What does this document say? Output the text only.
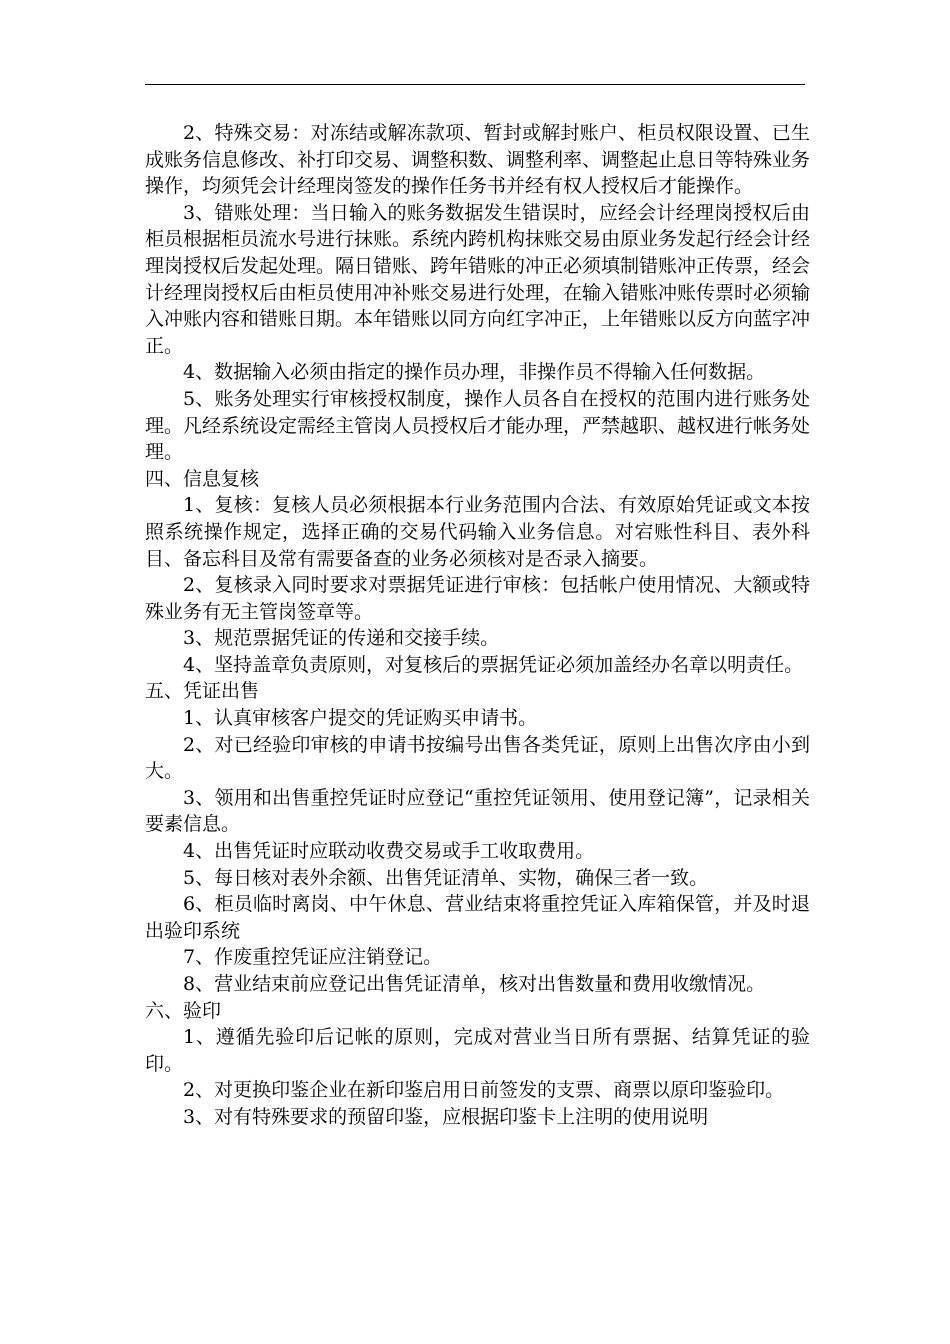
2、特殊交易：对冻结或解冻款项、暂封或解封账户、柜员权限设置、已生成账务信息修改、补打印交易、调整积数、调整利率、调整起止息日等特殊业务操作，均须凭会计经理岗签发的操作任务书并经有权人授权后才能操作。

3、错账处理：当日输入的账务数据发生错误时，应经会计经理岗授权后由柜员根据柜员流水号进行抹账。系统内跨机构抹账交易由原业务发起行经会计经理岗授权后发起处理。隔日错账、跨年错账的冲正必须填制错账冲正传票，经会计经理岗授权后由柜员使用冲补账交易进行处理，在输入错账冲账传票时必须输入冲账内容和错账日期。本年错账以同方向红字冲正，上年错账以反方向蓝字冲正。

4、数据输入必须由指定的操作员办理，非操作员不得输入任何数据。

5、账务处理实行审核授权制度，操作人员各自在授权的范围内进行账务处理。凡经系统设定需经主管岗人员授权后才能办理，严禁越职、越权进行帐务处理。

四、信息复核

1、复核：复核人员必须根据本行业务范围内合法、有效原始凭证或文本按照系统操作规定，选择正确的交易代码输入业务信息。对宕账性科目、表外科目、备忘科目及常有需要备查的业务必须核对是否录入摘要。

2、复核录入同时要求对票据凭证进行审核：包括帐户使用情况、大额或特殊业务有无主管岗签章等。

3、规范票据凭证的传递和交接手续。

4、坚持盖章负责原则，对复核后的票据凭证必须加盖经办名章以明责任。

五、凭证出售

1、认真审核客户提交的凭证购买申请书。

2、对已经验印审核的申请书按编号出售各类凭证，原则上出售次序由小到大。

3、领用和出售重控凭证时应登记“重控凭证领用、使用登记簿”，记录相关要素信息。

4、出售凭证时应联动收费交易或手工收取费用。

5、每日核对表外余额、出售凭证清单、实物，确保三者一致。

6、柜员临时离岗、中午休息、营业结束将重控凭证入库箱保管，并及时退出验印系统

7、作废重控凭证应注销登记。

8、营业结束前应登记出售凭证清单，核对出售数量和费用收缴情况。

六、验印

1、遵循先验印后记帐的原则，完成对营业当日所有票据、结算凭证的验印。

2、对更换印鉴企业在新印鉴启用日前签发的支票、商票以原印鉴验印。

3、对有特殊要求的预留印鉴，应根据印鉴卡上注明的使用说明
